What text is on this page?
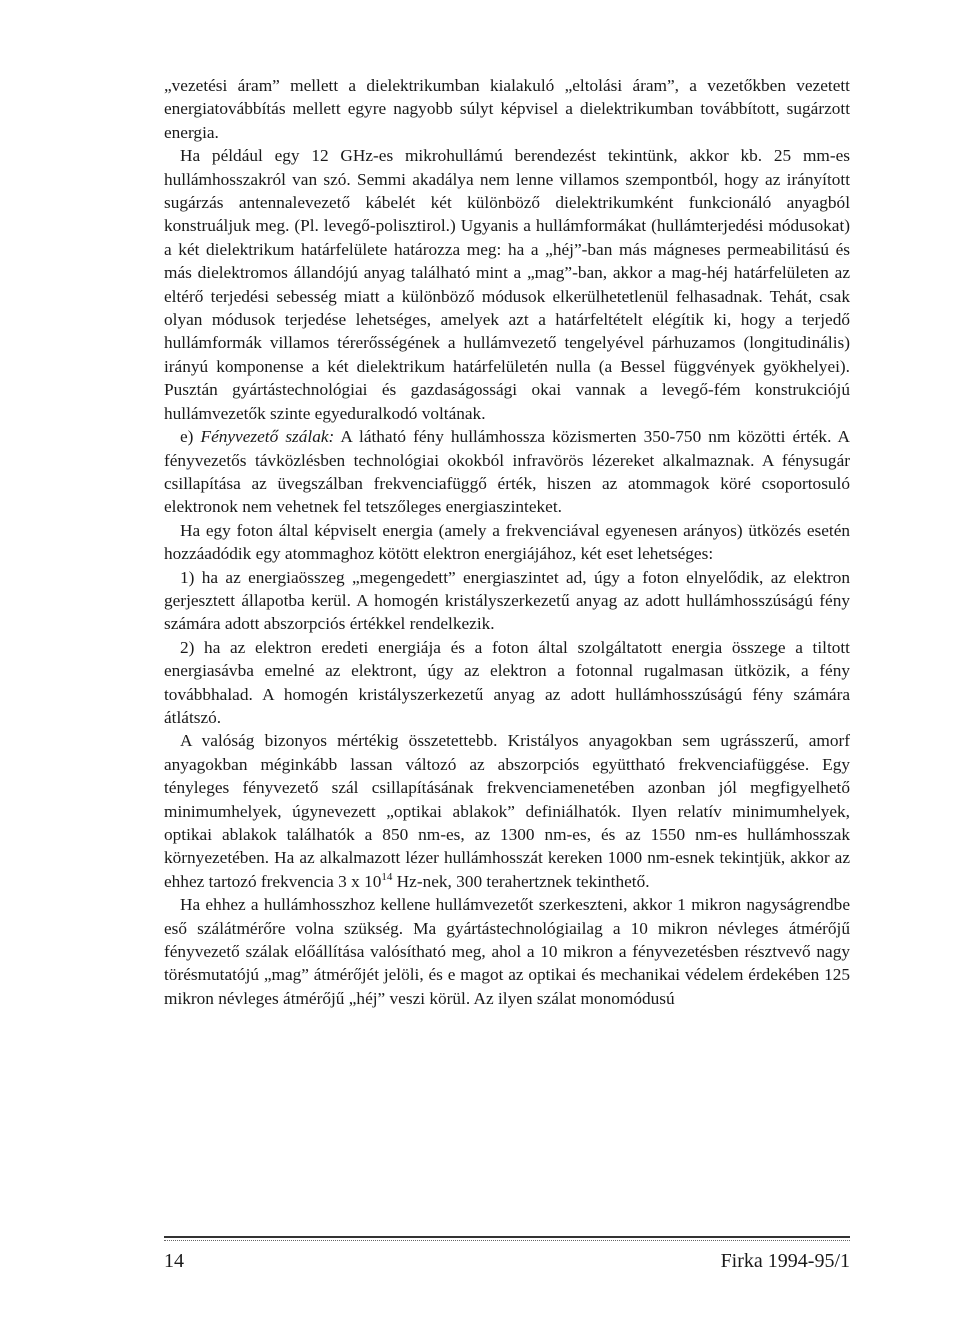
„vezetési áram” mellett a dielektrikumban kialakuló „eltolási áram”, a vezetőkben vezetett energiatovábbítás mellett egyre nagyobb súlyt képvisel a dielektrikumban továbbított, sugárzott energia.

Ha például egy 12 GHz-es mikrohullámú berendezést tekintünk, akkor kb. 25 mm-es hullámhosszakról van szó. Semmi akadálya nem lenne villamos szempontból, hogy az irányított sugárzás antennalevezető kábelét két különböző dielektrikumként funkcionáló anyagból konstruáljuk meg. (Pl. levegő-polisztirol.) Ugyanis a hullámformákat (hullámterjedési módusokat) a két dielektrikum határfelülete határozza meg: ha a „héj”-ban más mágneses permeabilitású és más dielektromos állandójú anyag található mint a „mag”-ban, akkor a mag-héj határfelületen az eltérő terjedési sebesség miatt a különböző módusok elkerülhetetlenül felhasadnak. Tehát, csak olyan módusok terjedése lehetséges, amelyek azt a határfeltételt elégítik ki, hogy a terjedő hullámformák villamos térerősségének a hullámvezető tengelyével párhuzamos (longitudinális) irányú komponense a két dielektrikum határfelületén nulla (a Bessel függvények gyökhelyei). Pusztán gyártástechnológiai és gazdaságossági okai vannak a levegő-fém konstrukciójú hullámvezetők szinte egyeduralkodó voltának.

e) Fényvezető szálak: A látható fény hullámhossza közismerten 350-750 nm közötti érték. A fényvezetős távközlésben technológiai okokból infravörös lézereket alkalmaznak. A fénysugár csillapítása az üvegszálban frekvenciafüggő érték, hiszen az atommagok köré csoportosuló elektronok nem vehetnek fel tetszőleges energiaszinteket.

Ha egy foton által képviselt energia (amely a frekvenciával egyenesen arányos) ütközés esetén hozzáadódik egy atommaghoz kötött elektron energiájához, két eset lehetséges:

1) ha az energiaösszeg „megengedett” energiaszintet ad, úgy a foton elnyelődik, az elektron gerjesztett állapotba kerül. A homogén kristályszerkezetű anyag az adott hullámhosszúságú fény számára adott abszorpciós értékkel rendelkezik.

2) ha az elektron eredeti energiája és a foton által szolgáltatott energia összege a tiltott energiasávba emelné az elektront, úgy az elektron a fotonnal rugalmasan ütközik, a fény továbbhalad. A homogén kristályszerkezetű anyag az adott hullámhosszúságú fény számára átlátszó.

A valóság bizonyos mértékig összetettebb. Kristályos anyagokban sem ugrásszerű, amorf anyagokban méginkább lassan változó az abszorpciós együttható frekvenciafüggése. Egy tényleges fényvezető szál csillapításának frekvenciamenetében azonban jól megfigyelhető minimumhelyek, úgynevezett „optikai ablakok” definiálhatók. Ilyen relatív minimumhelyek, optikai ablakok találhatók a 850 nm-es, az 1300 nm-es, és az 1550 nm-es hullámhosszak környezetében. Ha az alkalmazott lézer hullámhosszát kereken 1000 nm-esnek tekintjük, akkor az ehhez tartozó frekvencia 3 x $10^{14}$ Hz-nek, 300 terahertznek tekinthető.

Ha ehhez a hullámhosszhoz kellene hullámvezetőt szerkeszteni, akkor 1 mikron nagyságrendbe eső szálátmérőre volna szükség. Ma gyártástechnológiailag a 10 mikron névleges átmérőjű fényvezető szálak előállítása valósítható meg, ahol a 10 mikron a fényvezetésben résztvevő nagy törésmutatójú „mag” átmérőjét jelöli, és e magot az optikai és mechanikai védelem érdekében 125 mikron névleges átmérőjű „héj” veszi körül. Az ilyen szálat monomódusú

14	Firka 1994-95/1
